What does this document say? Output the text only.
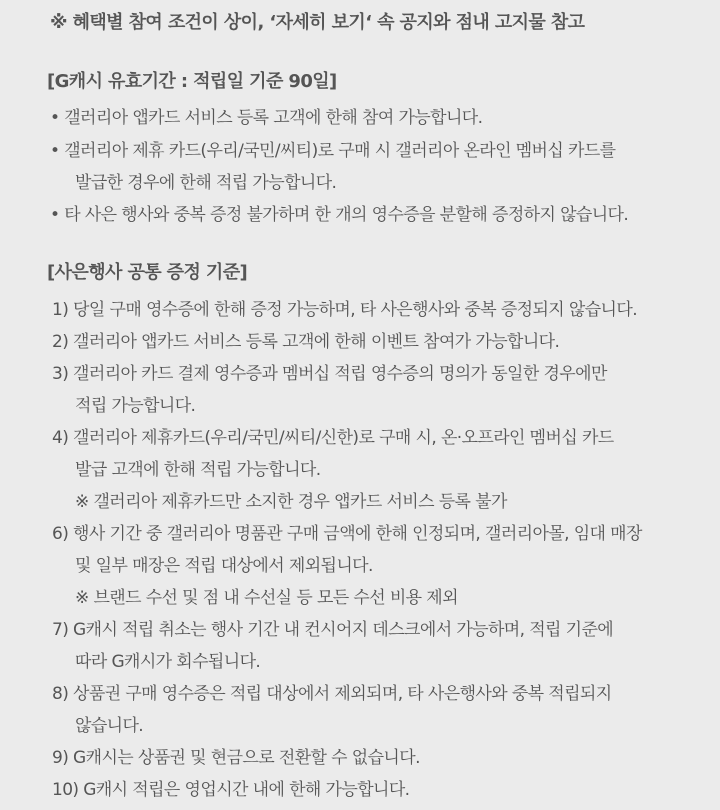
※ 혜택별 참여 조건이 상이, ‘자세히 보기‘ 속 공지와 점내 고지물 참고
[G캐시 유효기간 : 적립일 기준 90일]
• 갤러리아 앱카드 서비스 등록 고객에 한해 참여 가능합니다.
• 갤러리아 제휴 카드(우리/국민/씨티)로 구매 시 갤러리아 온라인 멤버십 카드를
발급한 경우에 한해 적립 가능합니다.
• 타 사은 행사와 중복 증정 불가하며 한 개의 영수증을 분할해 증정하지 않습니다.
[사은행사 공통 증정 기준]
1) 당일 구매 영수증에 한해 증정 가능하며, 타 사은행사와 중복 증정되지 않습니다.
2) 갤러리아 앱카드 서비스 등록 고객에 한해 이벤트 참여가 가능합니다.
3) 갤러리아 카드 결제 영수증과 멤버십 적립 영수증의 명의가 동일한 경우에만
적립 가능합니다.
4) 갤러리아 제휴카드(우리/국민/씨티/신한)로 구매 시, 온·오프라인 멤버십 카드
발급 고객에 한해 적립 가능합니다.
※ 갤러리아 제휴카드만 소지한 경우 앱카드 서비스 등록 불가
6) 행사 기간 중 갤러리아 명품관 구매 금액에 한해 인정되며, 갤러리아몰, 임대 매장
및 일부 매장은 적립 대상에서 제외됩니다.
※ 브랜드 수선 및 점 내 수선실 등 모든 수선 비용 제외
7) G캐시 적립 취소는 행사 기간 내 컨시어지 데스크에서 가능하며, 적립 기준에
따라 G캐시가 회수됩니다.
8) 상품권 구매 영수증은 적립 대상에서 제외되며, 타 사은행사와 중복 적립되지
않습니다.
9) G캐시는 상품권 및 현금으로 전환할 수 없습니다.
10) G캐시 적립은 영업시간 내에 한해 가능합니다.
